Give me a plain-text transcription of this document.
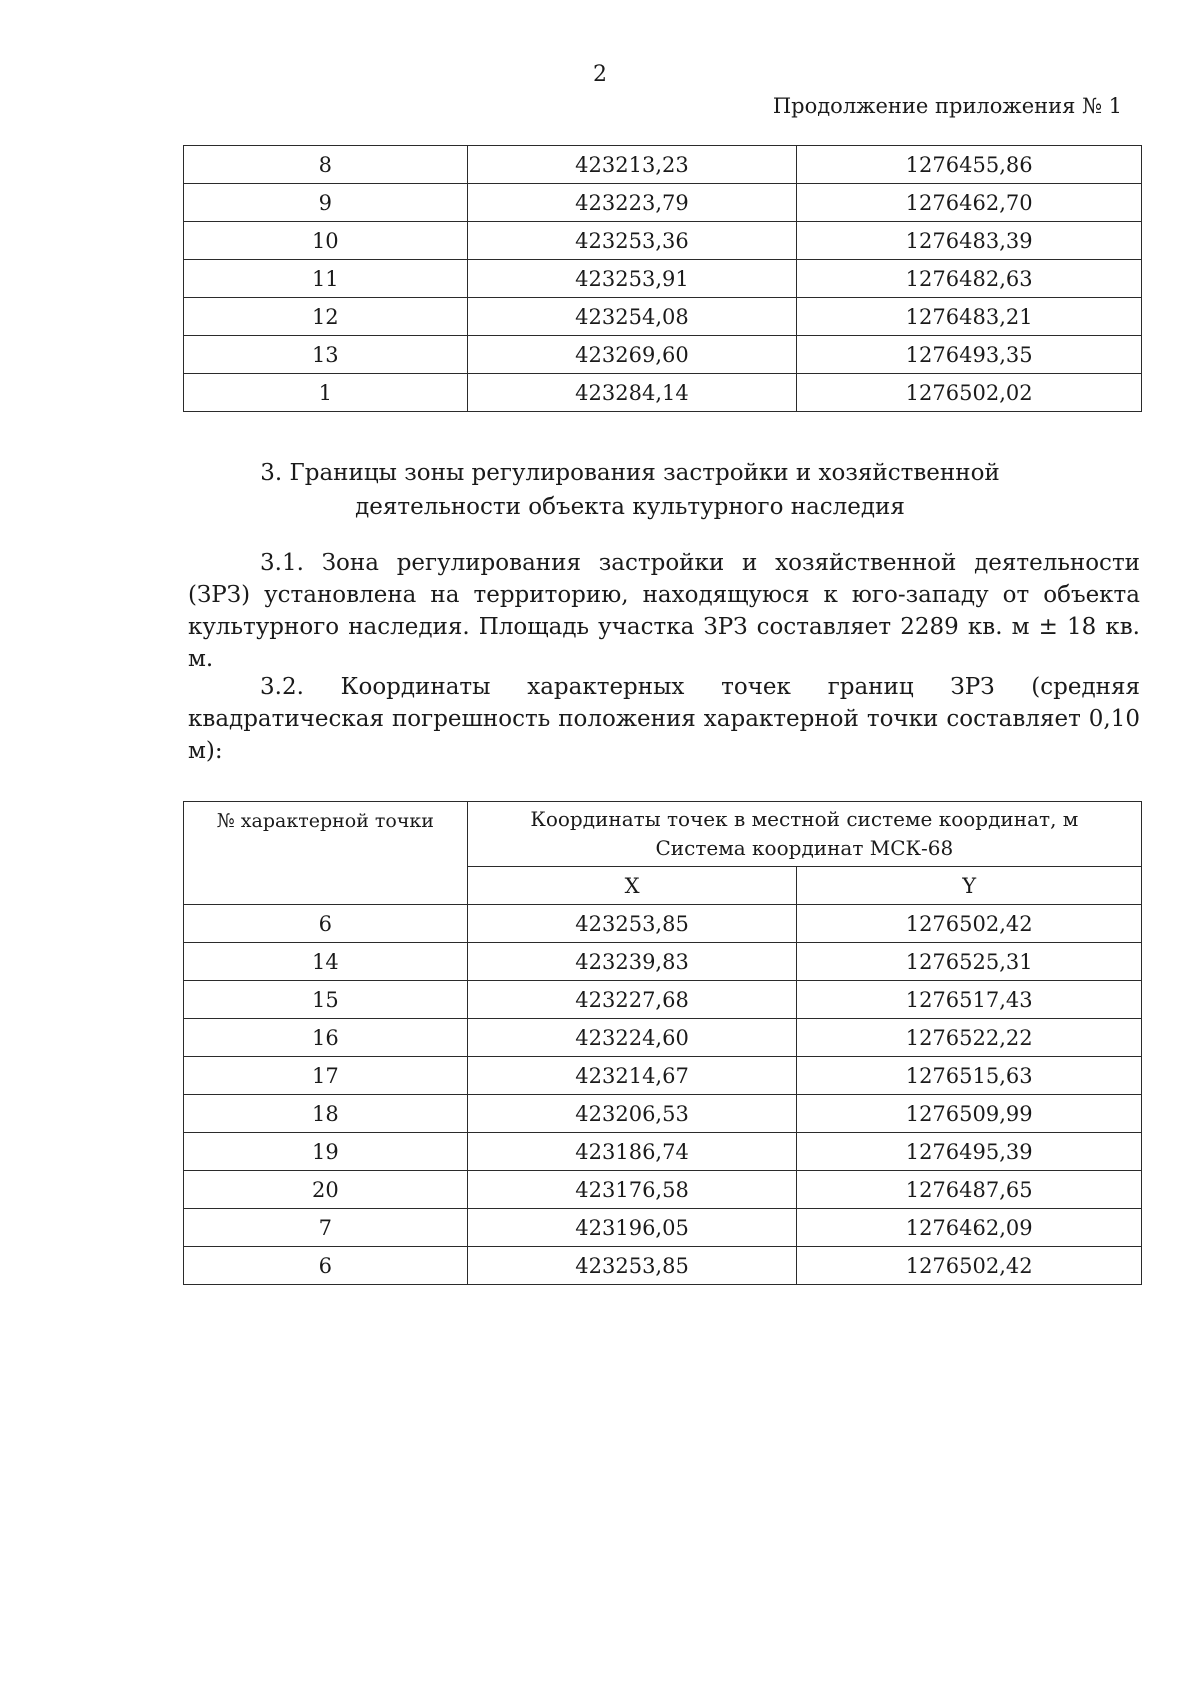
2
Продолжение приложения № 1
8	423213,23	1276455,86
9	423223,79	1276462,70
10	423253,36	1276483,39
11	423253,91	1276482,63
12	423254,08	1276483,21
13	423269,60	1276493,35
1	423284,14	1276502,02
3. Границы зоны регулирования застройки и хозяйственной
деятельности объекта культурного наследия
3.1. Зона регулирования застройки и хозяйственной деятельности (ЗРЗ) установлена на территорию, находящуюся к юго-западу от объекта культурного наследия. Площадь участка ЗРЗ составляет 2289 кв. м ± 18 кв. м.
3.2. Координаты характерных точек границ ЗРЗ (средняя квадратическая погрешность положения характерной точки составляет 0,10 м):
№ характерной точки	Координаты точек в местной системе координат, м
Система координат МСК-68	

	X	Y
6	423253,85	1276502,42
14	423239,83	1276525,31
15	423227,68	1276517,43
16	423224,60	1276522,22
17	423214,67	1276515,63
18	423206,53	1276509,99
19	423186,74	1276495,39
20	423176,58	1276487,65
7	423196,05	1276462,09
6	423253,85	1276502,42
